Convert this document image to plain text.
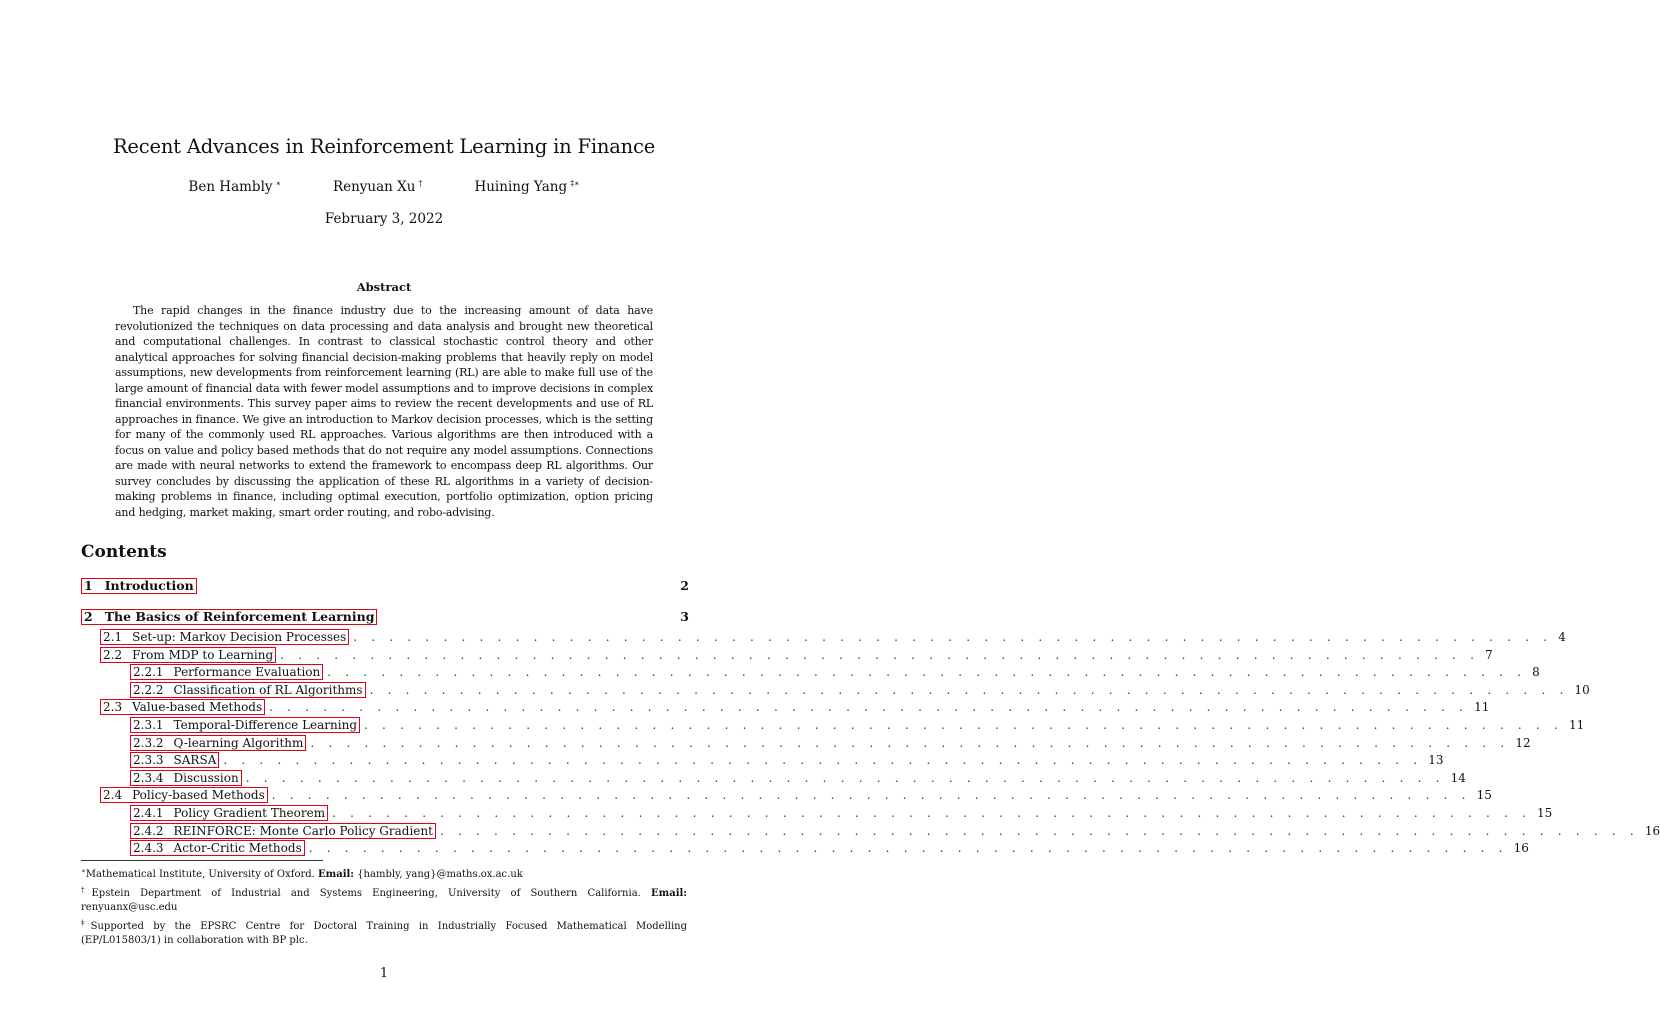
Recent Advances in Reinforcement Learning in Finance
Ben Hambly ∗	Renyuan Xu †	Huining Yang ‡∗
February 3, 2022
Abstract

The rapid changes in the finance industry due to the increasing amount of data have revolutionized the techniques on data processing and data analysis and brought new theoretical and computational challenges. In contrast to classical stochastic control theory and other analytical approaches for solving financial decision-making problems that heavily reply on model assumptions, new developments from reinforcement learning (RL) are able to make full use of the large amount of financial data with fewer model assumptions and to improve decisions in complex financial environments. This survey paper aims to review the recent developments and use of RL approaches in finance. We give an introduction to Markov decision processes, which is the setting for many of the commonly used RL approaches. Various algorithms are then introduced with a focus on value and policy based methods that do not require any model assumptions. Connections are made with neural networks to extend the framework to encompass deep RL algorithms. Our survey concludes by discussing the application of these RL algorithms in a variety of decision-making problems in finance, including optimal execution, portfolio optimization, option pricing and hedging, market making, smart order routing, and robo-advising.

Contents
1 Introduction	2
2 The Basics of Reinforcement Learning	3
2.1 Set-up: Markov Decision Processes . . . . . . . . . . . . . . . . . . . . . . . . . . . . . . . . . . . . . . . . . . . . . . . . . . . . . . . . . . . . . . . . . . . 4
2.2 From MDP to Learning . . . . . . . . . . . . . . . . . . . . . . . . . . . . . . . . . . . . . . . . . . . . . . . . . . . . . . . . . . . . . . . . . . . 7
2.2.1 Performance Evaluation . . . . . . . . . . . . . . . . . . . . . . . . . . . . . . . . . . . . . . . . . . . . . . . . . . . . . . . . . . . . . . . . . . . 8
2.2.2 Classification of RL Algorithms . . . . . . . . . . . . . . . . . . . . . . . . . . . . . . . . . . . . . . . . . . . . . . . . . . . . . . . . . . . . . . . . . . . 10
2.3 Value-based Methods . . . . . . . . . . . . . . . . . . . . . . . . . . . . . . . . . . . . . . . . . . . . . . . . . . . . . . . . . . . . . . . . . . . 11
2.3.1 Temporal-Difference Learning . . . . . . . . . . . . . . . . . . . . . . . . . . . . . . . . . . . . . . . . . . . . . . . . . . . . . . . . . . . . . . . . . . . 11
2.3.2 Q-learning Algorithm . . . . . . . . . . . . . . . . . . . . . . . . . . . . . . . . . . . . . . . . . . . . . . . . . . . . . . . . . . . . . . . . . . . 12
2.3.3 SARSA . . . . . . . . . . . . . . . . . . . . . . . . . . . . . . . . . . . . . . . . . . . . . . . . . . . . . . . . . . . . . . . . . . . 13
2.3.4 Discussion . . . . . . . . . . . . . . . . . . . . . . . . . . . . . . . . . . . . . . . . . . . . . . . . . . . . . . . . . . . . . . . . . . . 14
2.4 Policy-based Methods . . . . . . . . . . . . . . . . . . . . . . . . . . . . . . . . . . . . . . . . . . . . . . . . . . . . . . . . . . . . . . . . . . . 15
2.4.1 Policy Gradient Theorem . . . . . . . . . . . . . . . . . . . . . . . . . . . . . . . . . . . . . . . . . . . . . . . . . . . . . . . . . . . . . . . . . . . 15
2.4.2 REINFORCE: Monte Carlo Policy Gradient . . . . . . . . . . . . . . . . . . . . . . . . . . . . . . . . . . . . . . . . . . . . . . . . . . . . . . . . . . . . . . . . . . . 16
2.4.3 Actor-Critic Methods . . . . . . . . . . . . . . . . . . . . . . . . . . . . . . . . . . . . . . . . . . . . . . . . . . . . . . . . . . . . . . . . . . . 16

∗Mathematical Institute, University of Oxford. Email: {hambly, yang}@maths.ox.ac.uk

†Epstein Department of Industrial and Systems Engineering, University of Southern California. Email: renyuanx@usc.edu

‡Supported by the EPSRC Centre for Doctoral Training in Industrially Focused Mathematical Modelling (EP/L015803/1) in collaboration with BP plc.

1
